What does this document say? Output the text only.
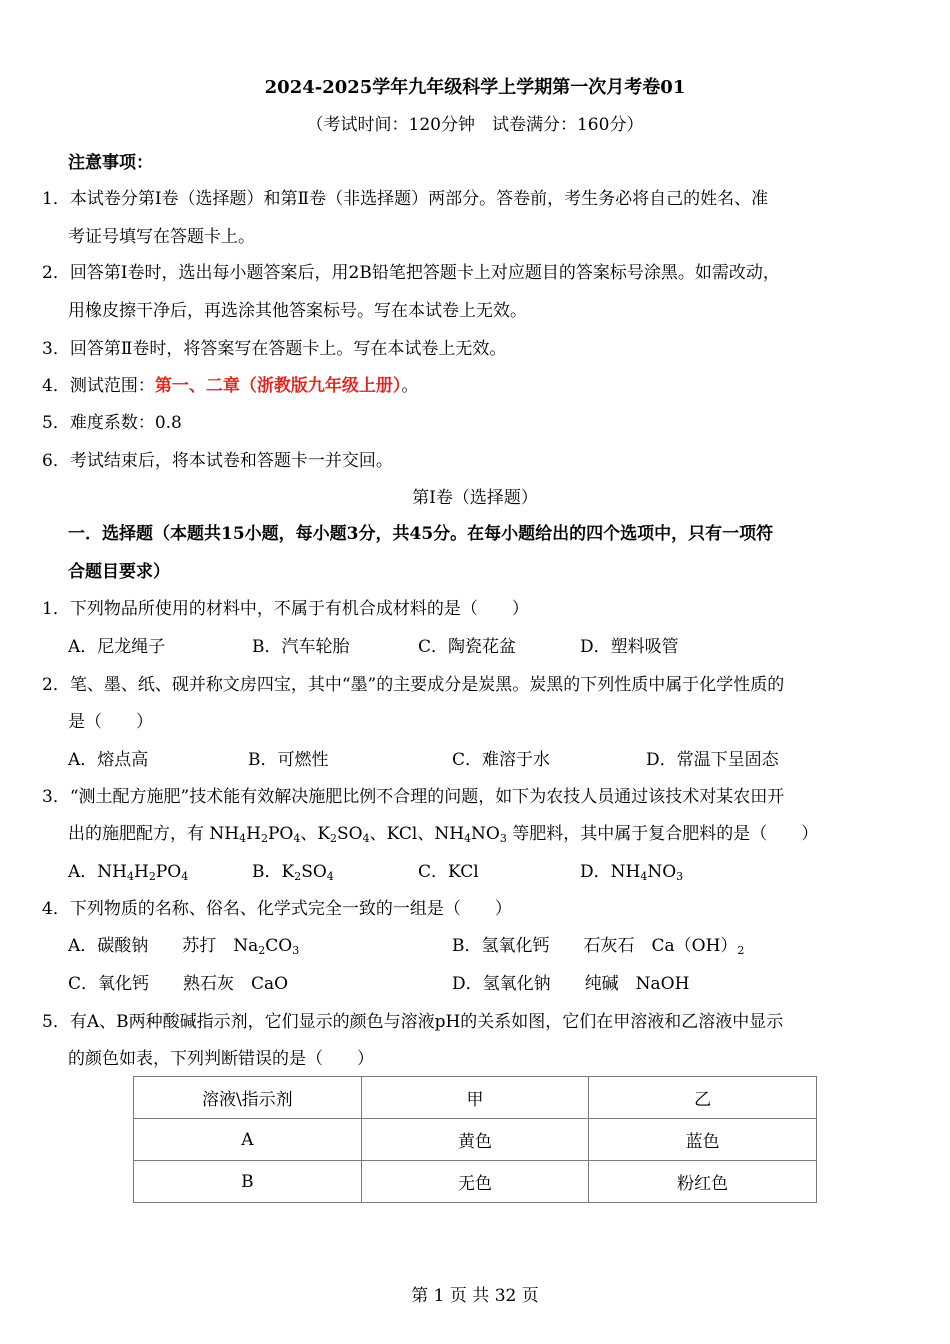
2024-2025学年九年级科学上学期第一次月考卷01
（考试时间：120分钟　试卷满分：160分）
注意事项：
1．本试卷分第Ⅰ卷（选择题）和第Ⅱ卷（非选择题）两部分。答卷前，考生务必将自己的姓名、准
考证号填写在答题卡上。
2．回答第Ⅰ卷时，选出每小题答案后，用2B铅笔把答题卡上对应题目的答案标号涂黑。如需改动，
用橡皮擦干净后，再选涂其他答案标号。写在本试卷上无效。
3．回答第Ⅱ卷时，将答案写在答题卡上。写在本试卷上无效。
4．测试范围：第一、二章（浙教版九年级上册）。
5．难度系数：0.8
6．考试结束后，将本试卷和答题卡一并交回。
第Ⅰ卷（选择题）
一．选择题（本题共15小题，每小题3分，共45分。在每小题给出的四个选项中，只有一项符
合题目要求）
1．下列物品所使用的材料中，不属于有机合成材料的是（　　）
A．尼龙绳子	B．汽车轮胎	C．陶瓷花盆	D．塑料吸管
2．笔、墨、纸、砚并称文房四宝，其中“墨”的主要成分是炭黑。炭黑的下列性质中属于化学性质的
是（　　）
A．熔点高	B．可燃性	C．难溶于水	D．常温下呈固态
3．“测土配方施肥”技术能有效解决施肥比例不合理的问题，如下为农技人员通过该技术对某农田开
出的施肥配方，有 $NH_4H_2PO_4$、$K_2SO_4$、KCl、$NH_4NO_3$ 等肥料，其中属于复合肥料的是（　　）
A．$NH_4H_2PO_4$	B．$K_2SO_4$	C．KCl	D．$NH_4NO_3$
4．下列物质的名称、俗名、化学式完全一致的一组是（　　）
A．碳酸钠　　苏打　$Na_2CO_3$	B．氢氧化钙　　石灰石　 $Ca(OH)_2$
C．氧化钙　　熟石灰　 CaO	D．氢氧化钠　　纯碱　 NaOH
5．有A、B两种酸碱指示剂，它们显示的颜色与溶液pH的关系如图，它们在甲溶液和乙溶液中显示
的颜色如表，下列判断错误的是（　　）
溶液\指示剂	甲	乙
A	黄色	蓝色
B	无色	粉红色
第 1 页 共 32 页
